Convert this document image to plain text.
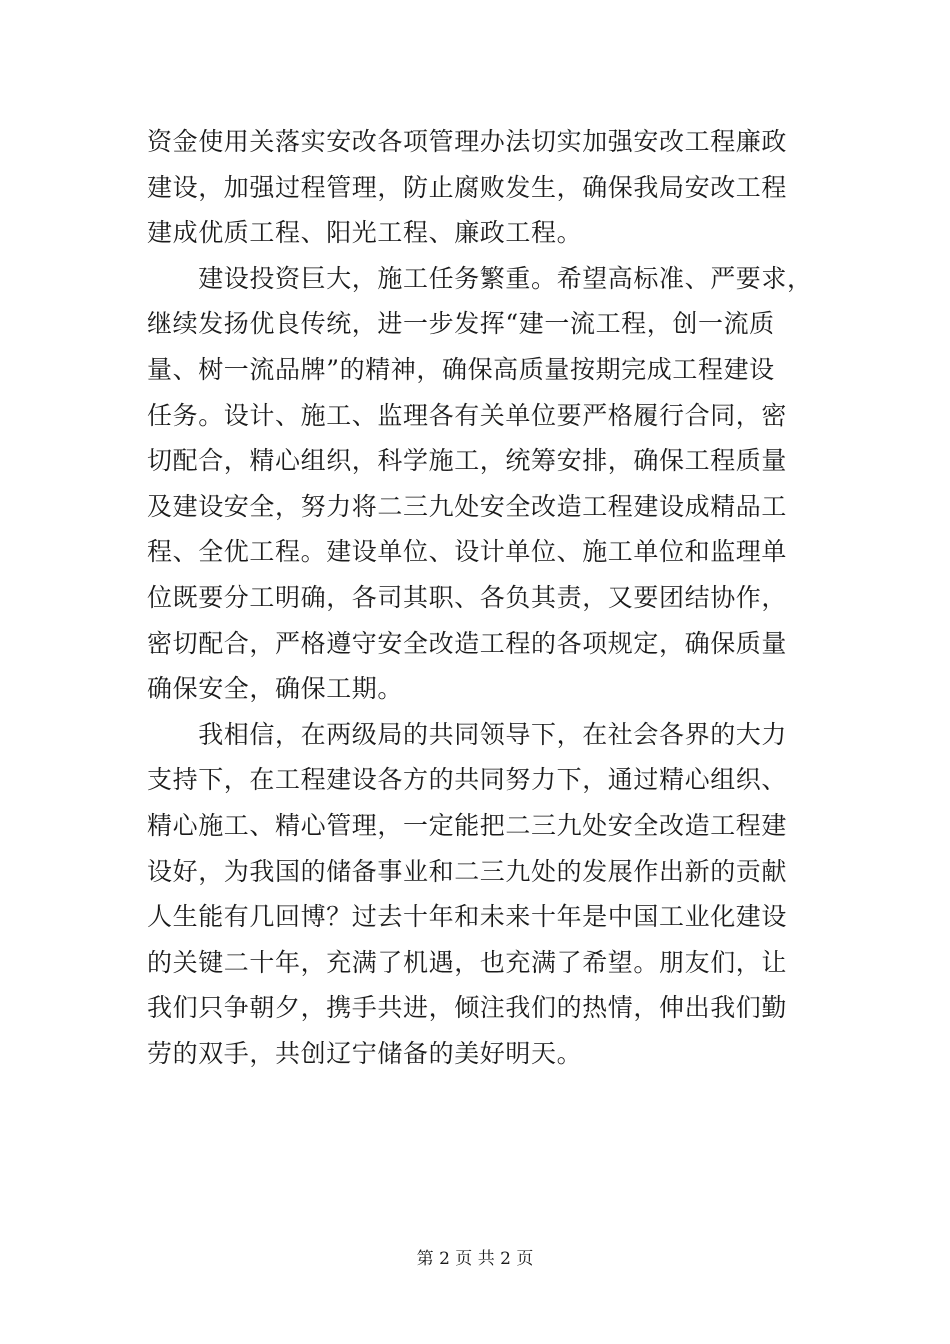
资金使用关落实安改各项管理办法切实加强安改工程廉政
建设，加强过程管理，防止腐败发生，确保我局安改工程
建成优质工程、阳光工程、廉政工程。
　　建设投资巨大，施工任务繁重。希望高标准、严要求，
继续发扬优良传统，进一步发挥“建一流工程，创一流质
量、树一流品牌”的精神，确保高质量按期完成工程建设
任务。设计、施工、监理各有关单位要严格履行合同，密
切配合，精心组织，科学施工，统筹安排，确保工程质量
及建设安全，努力将二三九处安全改造工程建设成精品工
程、全优工程。建设单位、设计单位、施工单位和监理单
位既要分工明确，各司其职、各负其责，又要团结协作，
密切配合，严格遵守安全改造工程的各项规定，确保质量
确保安全，确保工期。
　　我相信，在两级局的共同领导下，在社会各界的大力
支持下，在工程建设各方的共同努力下，通过精心组织、
精心施工、精心管理，一定能把二三九处安全改造工程建
设好，为我国的储备事业和二三九处的发展作出新的贡献
人生能有几回博？过去十年和未来十年是中国工业化建设
的关键二十年，充满了机遇，也充满了希望。朋友们，让
我们只争朝夕，携手共进，倾注我们的热情，伸出我们勤
劳的双手，共创辽宁储备的美好明天。
第 2 页 共 2 页
